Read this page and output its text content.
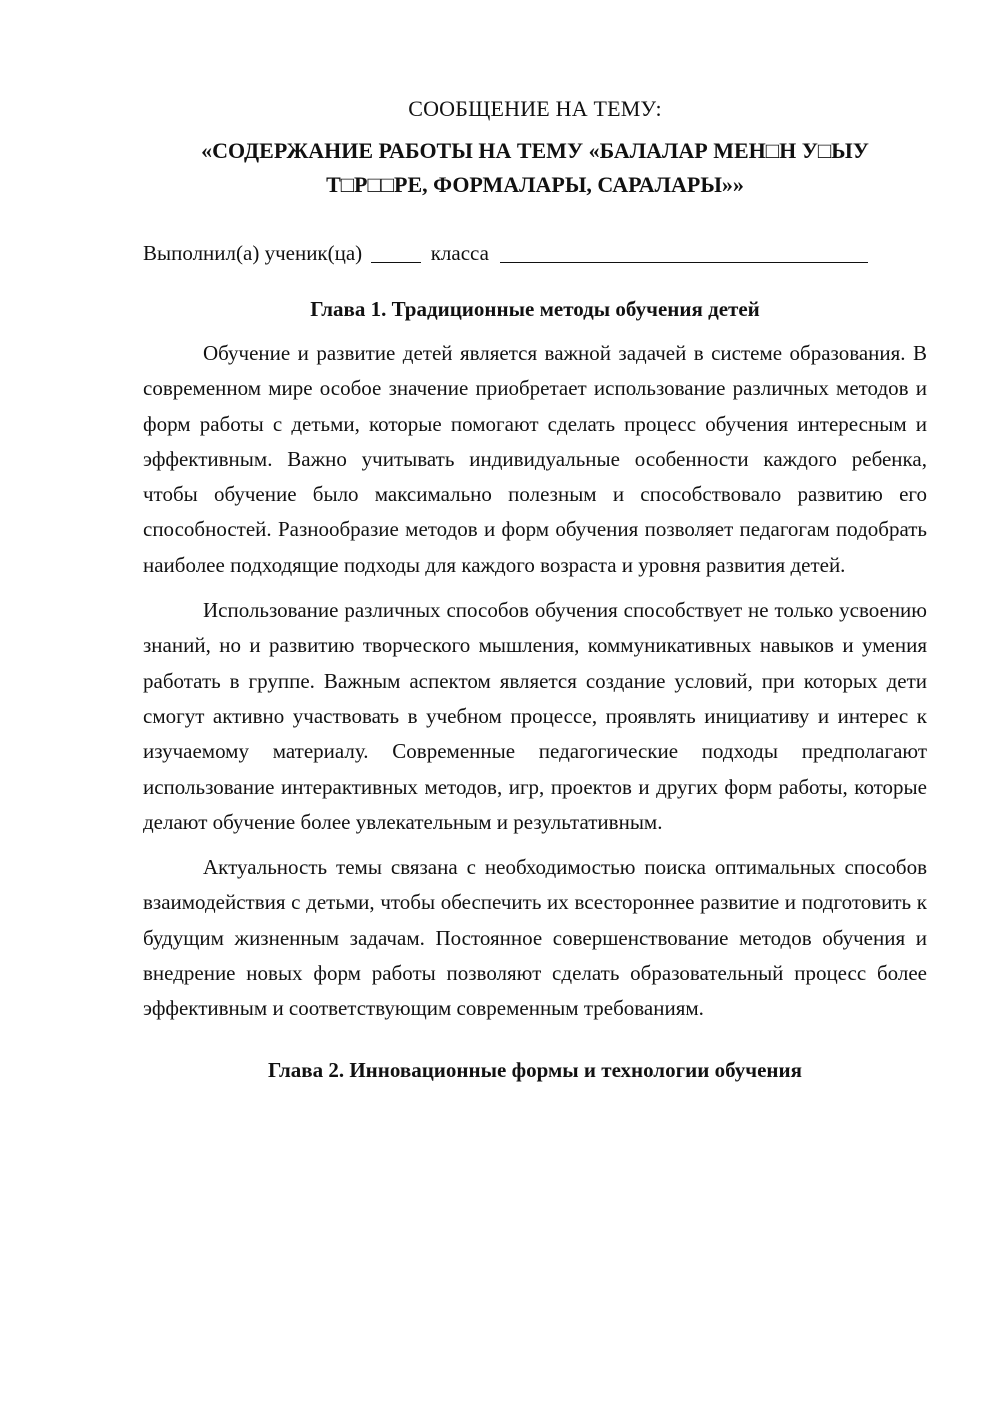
СООБЩЕНИЕ НА ТЕМУ:
«СОДЕРЖАНИЕ РАБОТЫ НА ТЕМУ «БАЛАЛАР МЕН□Н У□ЫУ Т□Р□□РЕ, ФОРМАЛАРЫ, САРАЛАРЫ»»
Выполнил(а) ученик(ца)	класса
Глава 1. Традиционные методы обучения детей

Обучение и развитие детей является важной задачей в системе образования. В современном мире особое значение приобретает использование различных методов и форм работы с детьми, которые помогают сделать процесс обучения интересным и эффективным. Важно учитывать индивидуальные особенности каждого ребенка, чтобы обучение было максимально полезным и способствовало развитию его способностей. Разнообразие методов и форм обучения позволяет педагогам подобрать наиболее подходящие подходы для каждого возраста и уровня развития детей.

Использование различных способов обучения способствует не только усвоению знаний, но и развитию творческого мышления, коммуникативных навыков и умения работать в группе. Важным аспектом является создание условий, при которых дети смогут активно участвовать в учебном процессе, проявлять инициативу и интерес к изучаемому материалу. Современные педагогические подходы предполагают использование интерактивных методов, игр, проектов и других форм работы, которые делают обучение более увлекательным и результативным.

Актуальность темы связана с необходимостью поиска оптимальных способов взаимодействия с детьми, чтобы обеспечить их всестороннее развитие и подготовить к будущим жизненным задачам. Постоянное совершенствование методов обучения и внедрение новых форм работы позволяют сделать образовательный процесс более эффективным и соответствующим современным требованиям.

Глава 2. Инновационные формы и технологии обучения
